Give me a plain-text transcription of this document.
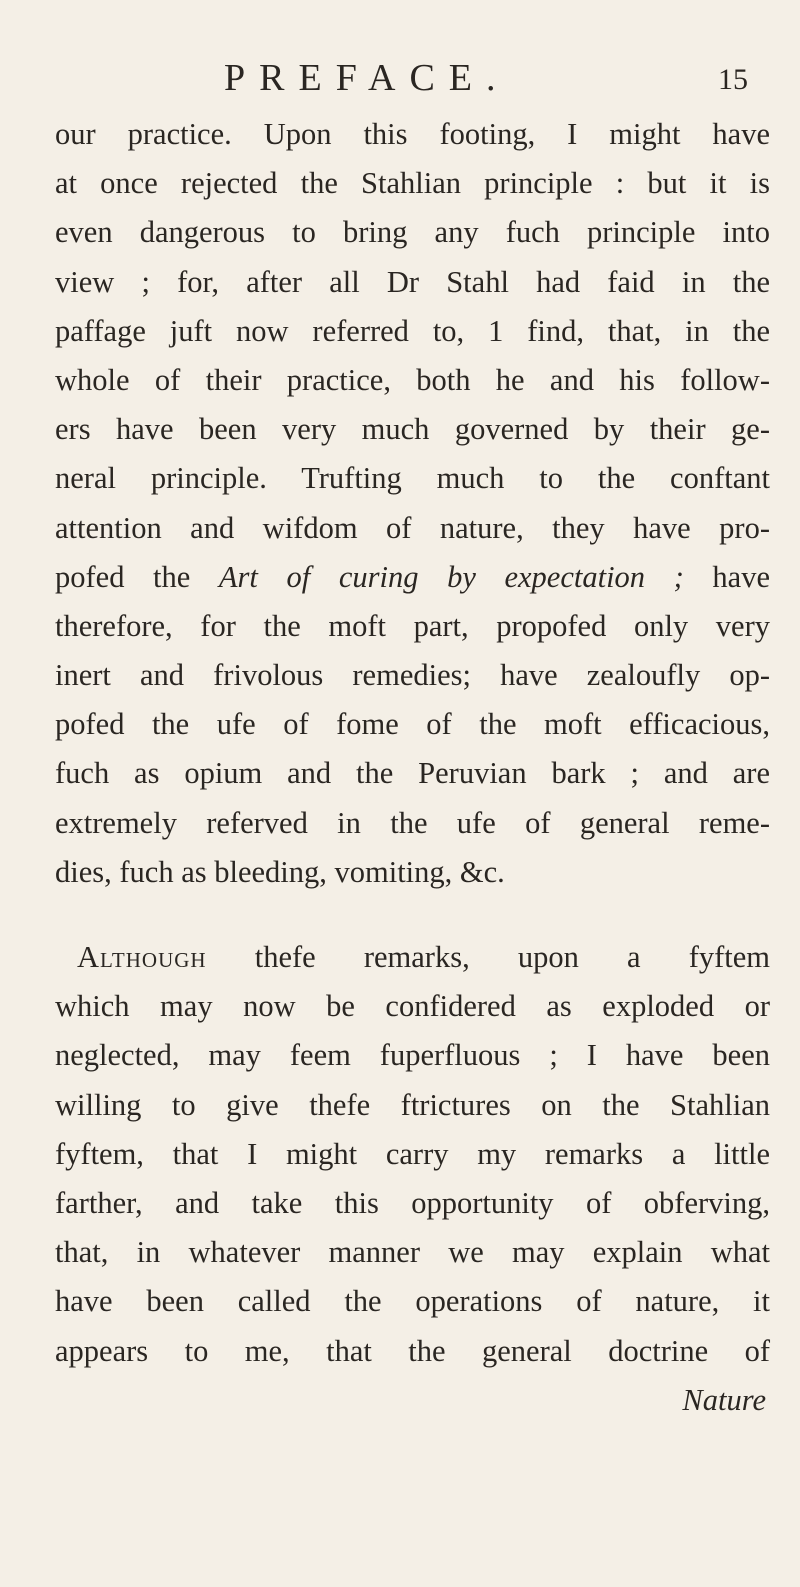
PREFACE.	15
our practice. Upon this footing, I might have
at once rejected the Stahlian principle : but it is
even dangerous to bring any fuch principle into
view ; for, after all Dr Stahl had faid in the
paffage juft now referred to, 1 find, that, in the
whole of their practice, both he and his follow-
ers have been very much governed by their ge-
neral principle. Trufting much to the conftant
attention and wifdom of nature, they have pro-
pofed the Art of curing by expectation ; have
therefore, for the moft part, propofed only very
inert and frivolous remedies; have zealoufly op-
pofed the ufe of fome of the moft efficacious,
fuch as opium and the Peruvian bark ; and are
extremely referved in the ufe of general reme-
dies, fuch as bleeding, vomiting, &c.
Although thefe remarks, upon a fyftem
which may now be confidered as exploded or
neglected, may feem fuperfluous ; I have been
willing to give thefe ftrictures on the Stahlian
fyftem, that I might carry my remarks a little
farther, and take this opportunity of obferving,
that, in whatever manner we may explain what
have been called the operations of nature, it
appears to me, that the general doctrine of
Nature
